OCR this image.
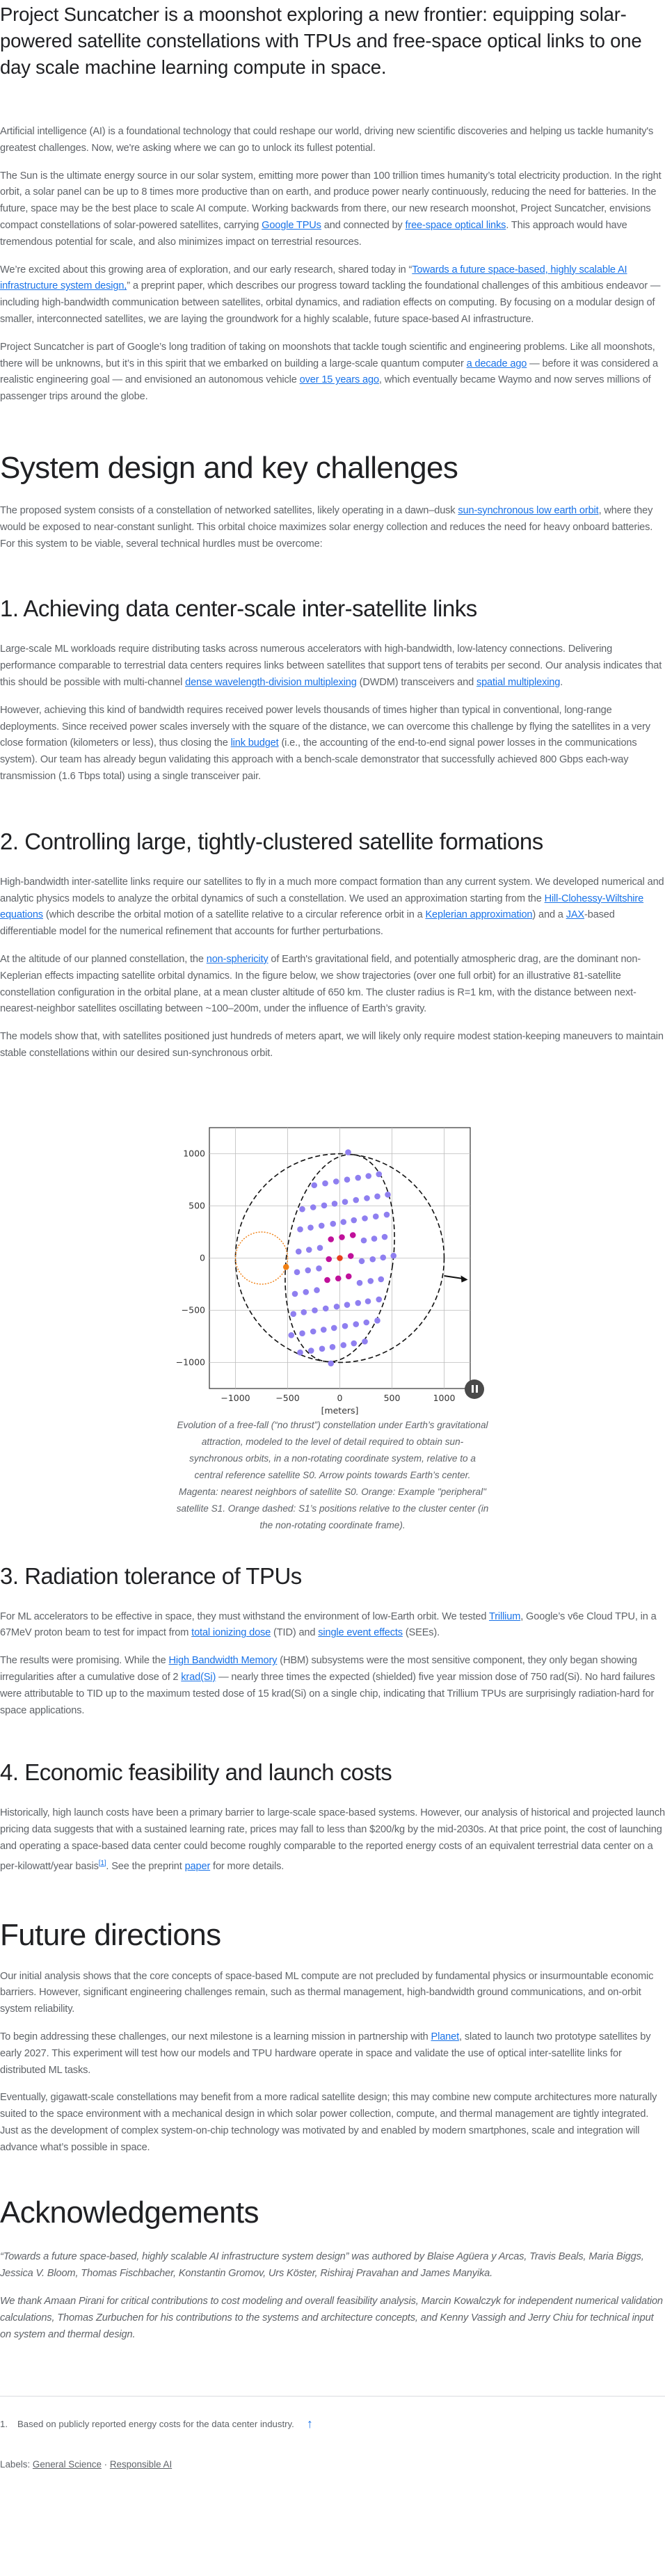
Project Suncatcher is a moonshot exploring a new frontier: equipping solar-powered satellite constellations with TPUs and free-space optical links to one day scale machine learning compute in space.

Artificial intelligence (AI) is a foundational technology that could reshape our world, driving new scientific discoveries and helping us tackle humanity's greatest challenges. Now, we're asking where we can go to unlock its fullest potential.

The Sun is the ultimate energy source in our solar system, emitting more power than 100 trillion times humanity’s total electricity production. In the right orbit, a solar panel can be up to 8 times more productive than on earth, and produce power nearly continuously, reducing the need for batteries. In the future, space may be the best place to scale AI compute. Working backwards from there, our new research moonshot, Project Suncatcher, envisions compact constellations of solar-powered satellites, carrying Google TPUs and connected by free-space optical links. This approach would have tremendous potential for scale, and also minimizes impact on terrestrial resources.

We’re excited about this growing area of exploration, and our early research, shared today in “Towards a future space-based, highly scalable AI infrastructure system design,” a preprint paper, which describes our progress toward tackling the foundational challenges of this ambitious endeavor — including high-bandwidth communication between satellites, orbital dynamics, and radiation effects on computing. By focusing on a modular design of smaller, interconnected satellites, we are laying the groundwork for a highly scalable, future space-based AI infrastructure.

Project Suncatcher is part of Google’s long tradition of taking on moonshots that tackle tough scientific and engineering problems. Like all moonshots, there will be unknowns, but it’s in this spirit that we embarked on building a large-scale quantum computer a decade ago — before it was considered a realistic engineering goal — and envisioned an autonomous vehicle over 15 years ago, which eventually became Waymo and now serves millions of passenger trips around the globe.

System design and key challenges

The proposed system consists of a constellation of networked satellites, likely operating in a dawn–dusk sun-synchronous low earth orbit, where they would be exposed to near-constant sunlight. This orbital choice maximizes solar energy collection and reduces the need for heavy onboard batteries. For this system to be viable, several technical hurdles must be overcome:

1. Achieving data center-scale inter-satellite links

Large-scale ML workloads require distributing tasks across numerous accelerators with high-bandwidth, low-latency connections. Delivering performance comparable to terrestrial data centers requires links between satellites that support tens of terabits per second. Our analysis indicates that this should be possible with multi-channel dense wavelength-division multiplexing (DWDM) transceivers and spatial multiplexing.

However, achieving this kind of bandwidth requires received power levels thousands of times higher than typical in conventional, long-range deployments. Since received power scales inversely with the square of the distance, we can overcome this challenge by flying the satellites in a very close formation (kilometers or less), thus closing the link budget (i.e., the accounting of the end-to-end signal power losses in the communications system). Our team has already begun validating this approach with a bench-scale demonstrator that successfully achieved 800 Gbps each-way transmission (1.6 Tbps total) using a single transceiver pair.

2. Controlling large, tightly-clustered satellite formations

High-bandwidth inter-satellite links require our satellites to fly in a much more compact formation than any current system. We developed numerical and analytic physics models to analyze the orbital dynamics of such a constellation. We used an approximation starting from the Hill-Clohessy-Wiltshire equations (which describe the orbital motion of a satellite relative to a circular reference orbit in a Keplerian approximation) and a JAX-based differentiable model for the numerical refinement that accounts for further perturbations.

At the altitude of our planned constellation, the non-sphericity of Earth's gravitational field, and potentially atmospheric drag, are the dominant non-Keplerian effects impacting satellite orbital dynamics. In the figure below, we show trajectories (over one full orbit) for an illustrative 81-satellite constellation configuration in the orbital plane, at a mean cluster altitude of 650 km. The cluster radius is R=1 km, with the distance between next-nearest-neighbor satellites oscillating between ~100–200m, under the influence of Earth’s gravity.

The models show that, with satellites positioned just hundreds of meters apart, we will likely only require modest station-keeping maneuvers to maintain stable constellations within our desired sun-synchronous orbit.

−1000	−500	0	500	1000
1000
500
0
−500
−1000
[meters]
Evolution of a free-fall (“no thrust”) constellation under Earth’s gravitational attraction, modeled to the level of detail required to obtain sun-synchronous orbits, in a non-rotating coordinate system, relative to a central reference satellite S0. Arrow points towards Earth’s center. Magenta: nearest neighbors of satellite S0. Orange: Example "peripheral" satellite S1. Orange dashed: S1’s positions relative to the cluster center (in the non-rotating coordinate frame).
3. Radiation tolerance of TPUs

For ML accelerators to be effective in space, they must withstand the environment of low-Earth orbit. We tested Trillium, Google’s v6e Cloud TPU, in a 67MeV proton beam to test for impact from total ionizing dose (TID) and single event effects (SEEs).

The results were promising. While the High Bandwidth Memory (HBM) subsystems were the most sensitive component, they only began showing irregularities after a cumulative dose of 2 krad(Si) — nearly three times the expected (shielded) five year mission dose of 750 rad(Si). No hard failures were attributable to TID up to the maximum tested dose of 15 krad(Si) on a single chip, indicating that Trillium TPUs are surprisingly radiation-hard for space applications.

4. Economic feasibility and launch costs

Historically, high launch costs have been a primary barrier to large-scale space-based systems. However, our analysis of historical and projected launch pricing data suggests that with a sustained learning rate, prices may fall to less than $200/kg by the mid-2030s. At that price point, the cost of launching and operating a space-based data center could become roughly comparable to the reported energy costs of an equivalent terrestrial data center on a per-kilowatt/year basis[1]. See the preprint paper for more details.

Future directions

Our initial analysis shows that the core concepts of space-based ML compute are not precluded by fundamental physics or insurmountable economic barriers. However, significant engineering challenges remain, such as thermal management, high-bandwidth ground communications, and on-orbit system reliability.

To begin addressing these challenges, our next milestone is a learning mission in partnership with Planet, slated to launch two prototype satellites by early 2027. This experiment will test how our models and TPU hardware operate in space and validate the use of optical inter-satellite links for distributed ML tasks.

Eventually, gigawatt-scale constellations may benefit from a more radical satellite design; this may combine new compute architectures more naturally suited to the space environment with a mechanical design in which solar power collection, compute, and thermal management are tightly integrated. Just as the development of complex system-on-chip technology was motivated by and enabled by modern smartphones, scale and integration will advance what’s possible in space.

Acknowledgements

“Towards a future space-based, highly scalable AI infrastructure system design” was authored by Blaise Agüera y Arcas, Travis Beals, Maria Biggs, Jessica V. Bloom, Thomas Fischbacher, Konstantin Gromov, Urs Köster, Rishiraj Pravahan and James Manyika.

We thank Amaan Pirani for critical contributions to cost modeling and overall feasibility analysis, Marcin Kowalczyk for independent numerical validation calculations, Thomas Zurbuchen for his contributions to the systems and architecture concepts, and Kenny Vassigh and Jerry Chiu for technical input on system and thermal design.

1. Based on publicly reported energy costs for the data center industry. ↑
Labels: General Science · Responsible AI
